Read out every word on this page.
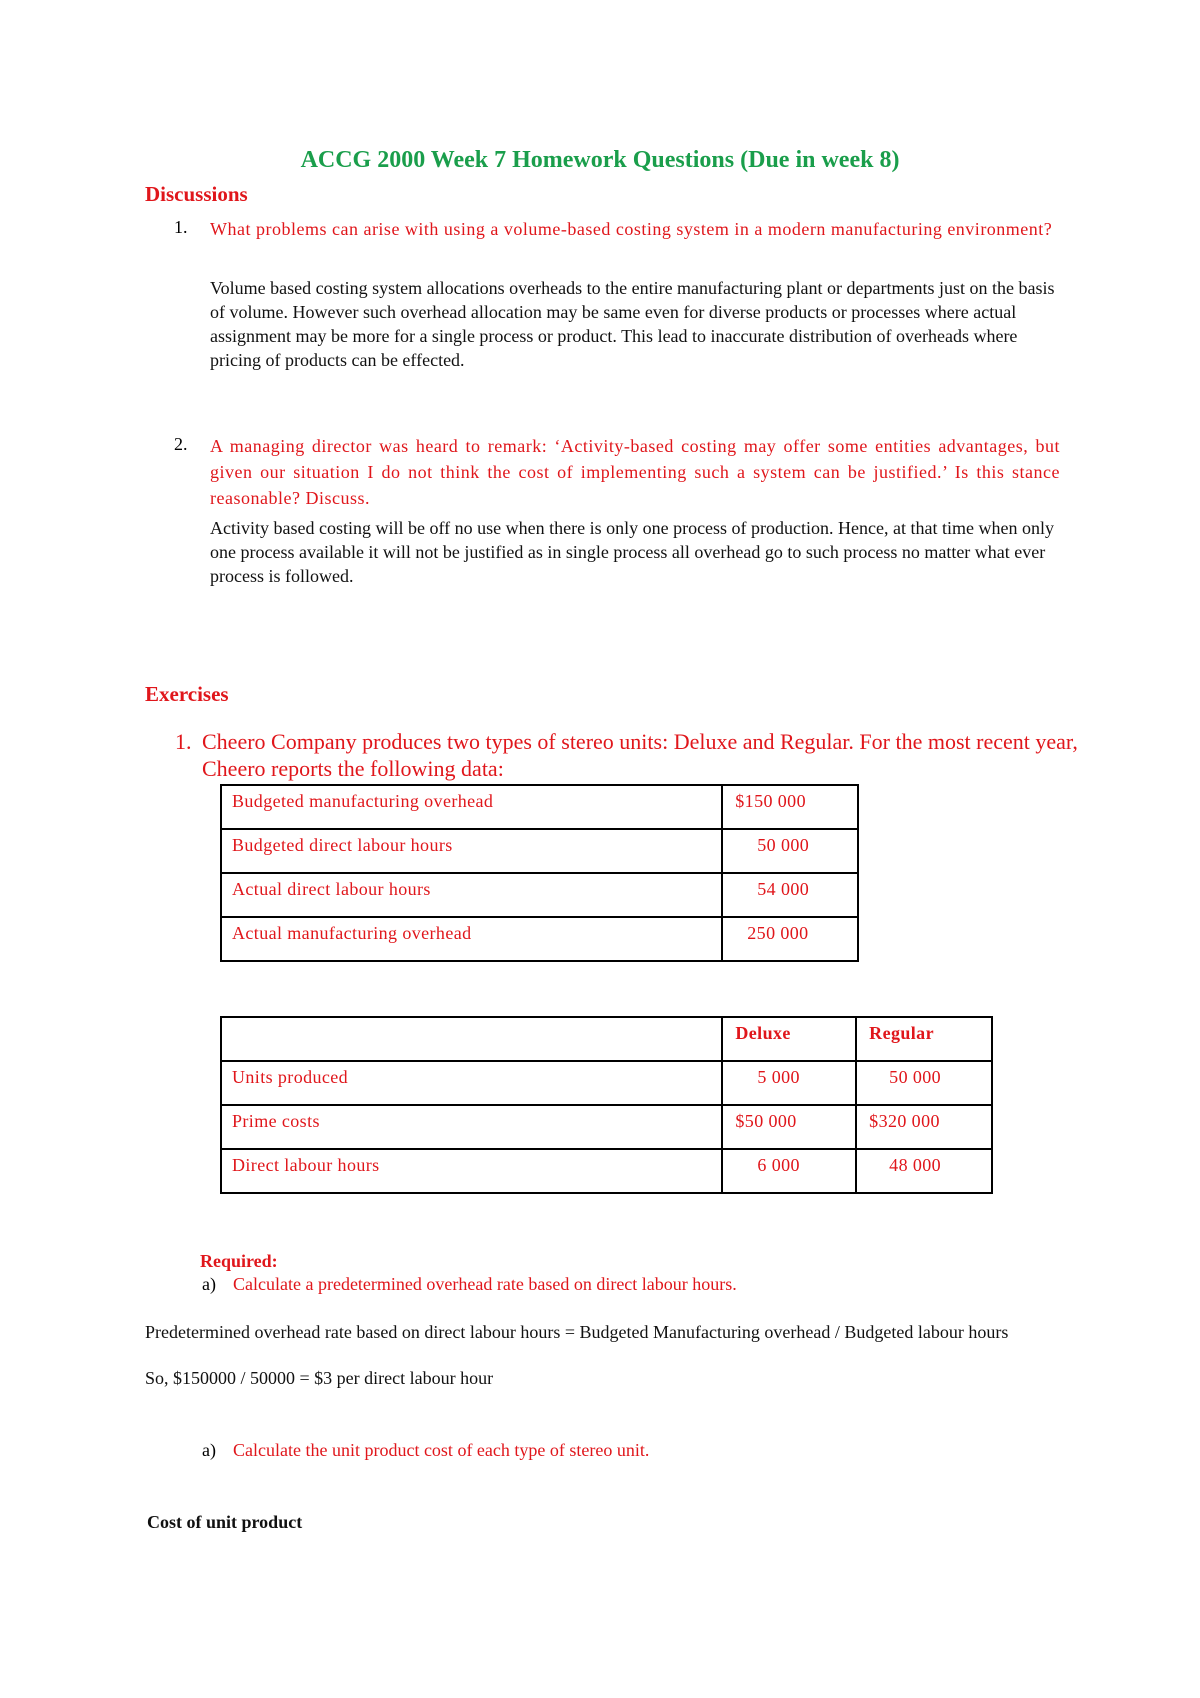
ACCG 2000 Week 7 Homework Questions (Due in week 8)
Discussions
1. What problems can arise with using a volume-based costing system in a modern manufacturing environment?
Volume based costing system allocations overheads to the entire manufacturing plant or departments just on the basis of volume. However such overhead allocation may be same even for diverse products or processes where actual assignment may be more for a single process or product. This lead to inaccurate distribution of overheads where pricing of products can be effected.
2. A managing director was heard to remark: ‘Activity-based costing may offer some entities advantages, but given our situation I do not think the cost of implementing such a system can be justified.’ Is this stance reasonable? Discuss.
Activity based costing will be off no use when there is only one process of production. Hence, at that time when only one process available it will not be justified as in single process all overhead go to such process no matter what ever process is followed.
Exercises
1. Cheero Company produces two types of stereo units: Deluxe and Regular. For the most recent year, Cheero reports the following data:
Budgeted manufacturing overhead	$150 000
Budgeted direct labour hours	50 000
Actual direct labour hours	54 000
Actual manufacturing overhead	250 000
	Deluxe	Regular
Units produced	5 000	50 000
Prime costs	$50 000	$320 000
Direct labour hours	6 000	48 000
Required:
a) Calculate a predetermined overhead rate based on direct labour hours.
Predetermined overhead rate based on direct labour hours = Budgeted Manufacturing overhead / Budgeted labour hours
So, $150000 / 50000 = $3 per direct labour hour
a) Calculate the unit product cost of each type of stereo unit.
Cost of unit product
